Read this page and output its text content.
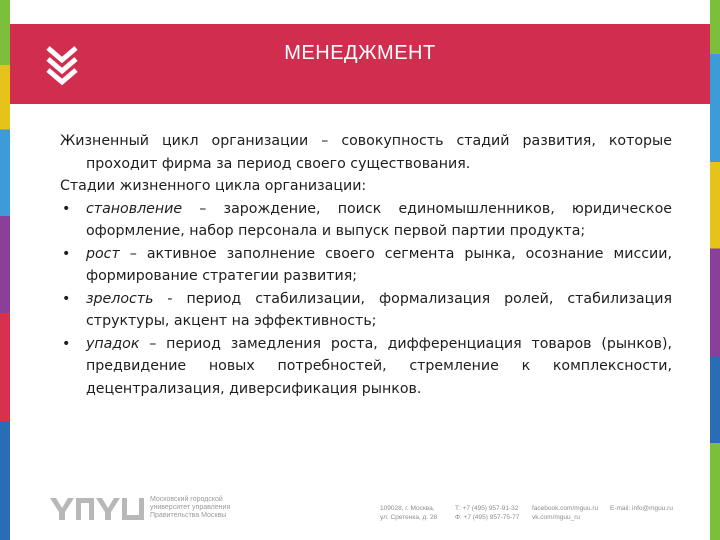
МЕНЕДЖМЕНТ

Жизненный цикл организации – совокупность стадий развития, которые проходит фирма за период своего существования.

Стадии жизненного цикла организации:

• становление – зарождение, поиск единомышленников, юридическое оформление, набор персонала и выпуск первой партии продукта;
• рост – активное заполнение своего сегмента рынка, осознание миссии, формирование стратегии развития;
• зрелость - период стабилизации, формализация ролей, стабилизация структуры, акцент на эффективность;
• упадок – период замедления роста, дифференциация товаров (рынков), предвидение новых потребностей, стремление к комплексности, децентрализация, диверсификация рынков.
Московский городской университет управления Правительства Москвы
109028, г. Москва,
ул. Сретенка, д. 28
Т: +7 (495) 957-91-32
Ф: +7 (495) 957-75-77
facebook.com/mguu.ru
vk.com/mguu_ru
E-mail: info@mguu.ru
